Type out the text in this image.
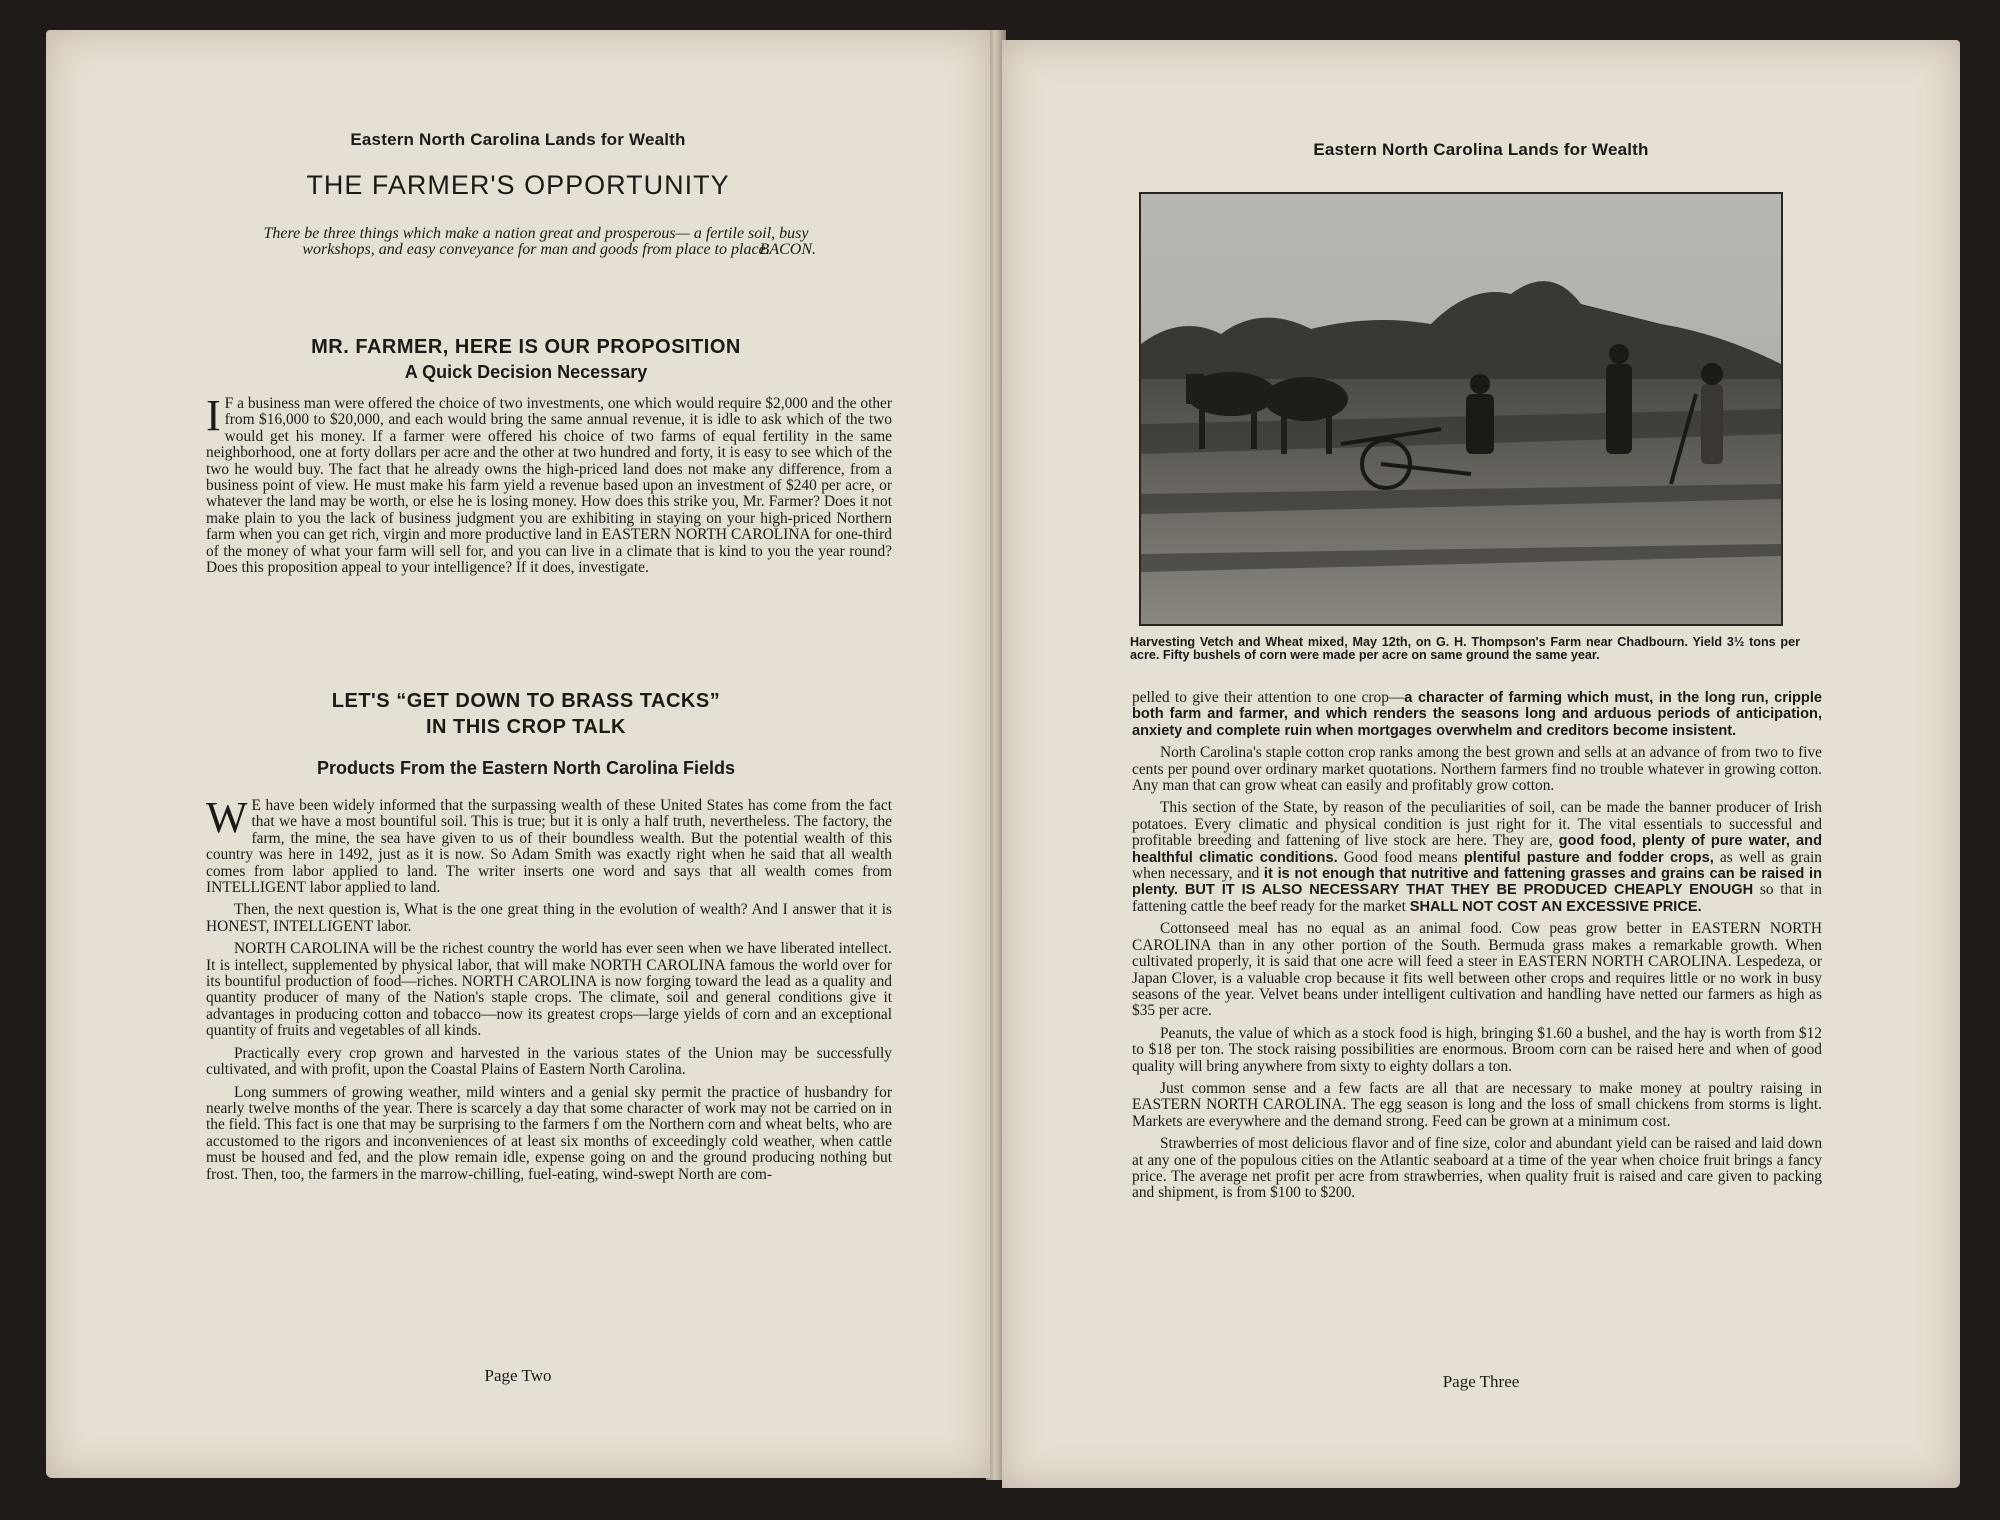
Eastern North Carolina Lands for Wealth
THE FARMER'S OPPORTUNITY
There be three things which make a nation great and prosperous— a fertile soil, busy workshops, and easy conveyance for man and goods from place to place.
BACON.
MR. FARMER, HERE IS OUR PROPOSITION
A Quick Decision Necessary

I F a business man were offered the choice of two investments, one which would require $2,000 and the other from $16,000 to $20,000, and each would bring the same annual revenue, it is idle to ask which of the two would get his money. If a farmer were offered his choice of two farms of equal fertility in the same neighborhood, one at forty dollars per acre and the other at two hundred and forty, it is easy to see which of the two he would buy. The fact that he already owns the high-priced land does not make any difference, from a business point of view. He must make his farm yield a revenue based upon an investment of $240 per acre, or whatever the land may be worth, or else he is losing money. How does this strike you, Mr. Farmer? Does it not make plain to you the lack of business judgment you are exhibiting in staying on your high-priced Northern farm when you can get rich, virgin and more productive land in EASTERN NORTH CAROLINA for one-third of the money of what your farm will sell for, and you can live in a climate that is kind to you the year round? Does this proposition appeal to your intelligence? If it does, investigate.

LET'S “GET DOWN TO BRASS TACKS”
IN THIS CROP TALK
Products From the Eastern North Carolina Fields

W E have been widely informed that the surpassing wealth of these United States has come from the fact that we have a most bountiful soil. This is true; but it is only a half truth, nevertheless. The factory, the farm, the mine, the sea have given to us of their boundless wealth. But the potential wealth of this country was here in 1492, just as it is now. So Adam Smith was exactly right when he said that all wealth comes from labor applied to land. The writer inserts one word and says that all wealth comes from INTELLIGENT labor applied to land.

Then, the next question is, What is the one great thing in the evolution of wealth? And I answer that it is HONEST, INTELLIGENT labor.

NORTH CAROLINA will be the richest country the world has ever seen when we have liberated intellect. It is intellect, supplemented by physical labor, that will make NORTH CAROLINA famous the world over for its bountiful production of food—riches. NORTH CAROLINA is now forging toward the lead as a quality and quantity producer of many of the Nation's staple crops. The climate, soil and general conditions give it advantages in producing cotton and tobacco—now its greatest crops—large yields of corn and an exceptional quantity of fruits and vegetables of all kinds.

Practically every crop grown and harvested in the various states of the Union may be successfully cultivated, and with profit, upon the Coastal Plains of Eastern North Carolina.

Long summers of growing weather, mild winters and a genial sky permit the practice of husbandry for nearly twelve months of the year. There is scarcely a day that some character of work may not be carried on in the field. This fact is one that may be surprising to the farmers f om the Northern corn and wheat belts, who are accustomed to the rigors and inconveniences of at least six months of exceedingly cold weather, when cattle must be housed and fed, and the plow remain idle, expense going on and the ground producing nothing but frost. Then, too, the farmers in the marrow-chilling, fuel-eating, wind-swept North are com-

Page Two
Eastern North Carolina Lands for Wealth
Harvesting Vetch and Wheat mixed, May 12th, on G. H. Thompson's Farm near Chadbourn. Yield 3½ tons per acre. Fifty bushels of corn were made per acre on same ground the same year.

pelled to give their attention to one crop—a character of farming which must, in the long run, cripple both farm and farmer, and which renders the seasons long and arduous periods of anticipation, anxiety and complete ruin when mortgages overwhelm and creditors become insistent.

North Carolina's staple cotton crop ranks among the best grown and sells at an advance of from two to five cents per pound over ordinary market quotations. Northern farmers find no trouble whatever in growing cotton. Any man that can grow wheat can easily and profitably grow cotton.

This section of the State, by reason of the peculiarities of soil, can be made the banner producer of Irish potatoes. Every climatic and physical condition is just right for it. The vital essentials to successful and profitable breeding and fattening of live stock are here. They are, good food, plenty of pure water, and healthful climatic conditions. Good food means plentiful pasture and fodder crops, as well as grain when necessary, and it is not enough that nutritive and fattening grasses and grains can be raised in plenty. BUT IT IS ALSO NECESSARY THAT THEY BE PRODUCED CHEAPLY ENOUGH so that in fattening cattle the beef ready for the market SHALL NOT COST AN EXCESSIVE PRICE.

Cottonseed meal has no equal as an animal food. Cow peas grow better in EASTERN NORTH CAROLINA than in any other portion of the South. Bermuda grass makes a remarkable growth. When cultivated properly, it is said that one acre will feed a steer in EASTERN NORTH CAROLINA. Lespedeza, or Japan Clover, is a valuable crop because it fits well between other crops and requires little or no work in busy seasons of the year. Velvet beans under intelligent cultivation and handling have netted our farmers as high as $35 per acre.

Peanuts, the value of which as a stock food is high, bringing $1.60 a bushel, and the hay is worth from $12 to $18 per ton. The stock raising possibilities are enormous. Broom corn can be raised here and when of good quality will bring anywhere from sixty to eighty dollars a ton.

Just common sense and a few facts are all that are necessary to make money at poultry raising in EASTERN NORTH CAROLINA. The egg season is long and the loss of small chickens from storms is light. Markets are everywhere and the demand strong. Feed can be grown at a minimum cost.

Strawberries of most delicious flavor and of fine size, color and abundant yield can be raised and laid down at any one of the populous cities on the Atlantic seaboard at a time of the year when choice fruit brings a fancy price. The average net profit per acre from strawberries, when quality fruit is raised and care given to packing and shipment, is from $100 to $200.

Page Three
